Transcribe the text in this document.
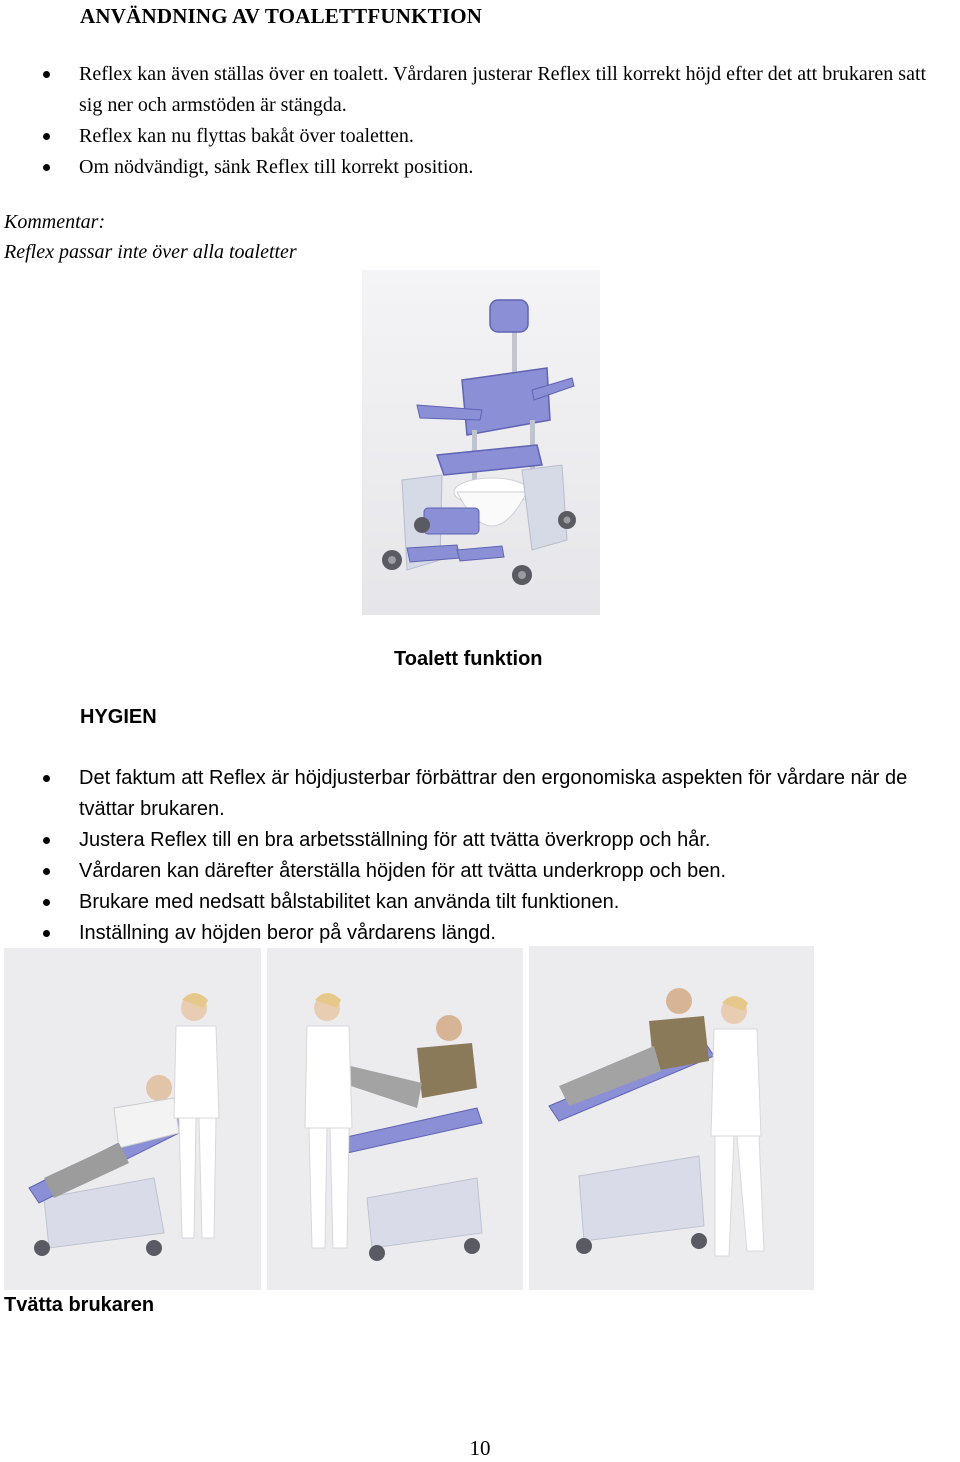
ANVÄNDNING AV TOALETTFUNKTION
Reflex kan även ställas över en toalett. Vårdaren justerar Reflex till korrekt höjd efter det att brukaren satt sig ner och armstöden är stängda.
Reflex kan nu flyttas bakåt över toaletten.
Om nödvändigt, sänk Reflex till korrekt position.
Kommentar:
Reflex passar inte över alla toaletter
Toalett funktion
HYGIEN
Det faktum att Reflex är höjdjusterbar förbättrar den ergonomiska aspekten för vårdare när de tvättar brukaren.
Justera Reflex till en bra arbetsställning för att tvätta överkropp och hår.
Vårdaren kan därefter återställa höjden för att tvätta underkropp och ben.
Brukare med nedsatt bålstabilitet kan använda tilt funktionen.
Inställning av höjden beror på vårdarens längd.
Tvätta brukaren
10
